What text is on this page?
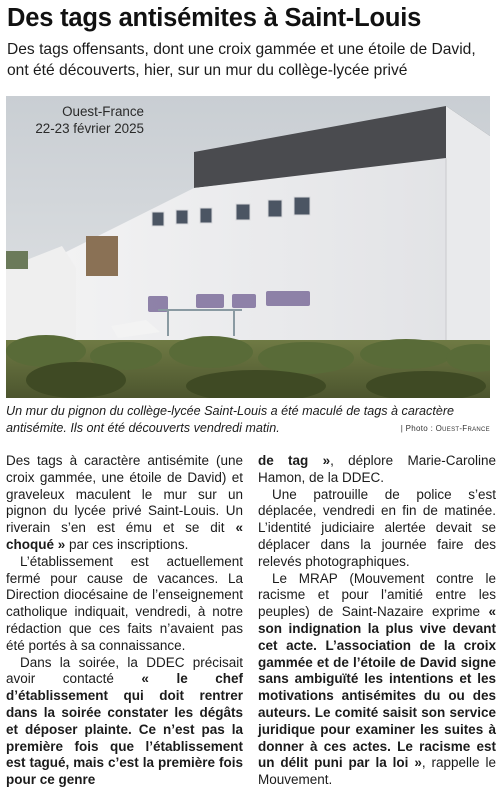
Des tags antisémites à Saint-Louis

Des tags offensants, dont une croix gammée et une étoile de David, ont été découverts, hier, sur un mur du collège-lycée privé

Ouest-France
22-23 février 2025
Un mur du pignon du collège-lycée Saint-Louis a été maculé de tags à caractère antisémite. Ils ont été découverts vendredi matin.	| Photo : Ouest-France

Des tags à caractère antisémite (une croix gammée, une étoile de David) et graveleux maculent le mur sur un pignon du lycée privé Saint-Louis. Un riverain s’en est ému et se dit « choqué » par ces inscriptions.

L’établissement est actuellement fermé pour cause de vacances. La Direction diocésaine de l’enseignement catholique indiquait, vendredi, à notre rédaction que ces faits n’avaient pas été portés à sa connaissance.

Dans la soirée, la DDEC précisait avoir contacté « le chef d’établissement qui doit rentrer dans la soirée constater les dégâts et déposer plainte. Ce n’est pas la première fois que l’établissement est tagué, mais c’est la première fois pour ce genre

de tag », déplore Marie-Caroline Hamon, de la DDEC.

Une patrouille de police s’est déplacée, vendredi en fin de matinée. L’identité judiciaire alertée devait se déplacer dans la journée faire des relevés photographiques.

Le MRAP (Mouvement contre le racisme et pour l’amitié entre les peuples) de Saint-Nazaire exprime « son indignation la plus vive devant cet acte. L’association de la croix gammée et de l’étoile de David signe sans ambiguïté les intentions et les motivations antisémites du ou des auteurs. Le comité saisit son service juridique pour examiner les suites à donner à ces actes. Le racisme est un délit puni par la loi », rappelle le Mouvement.
